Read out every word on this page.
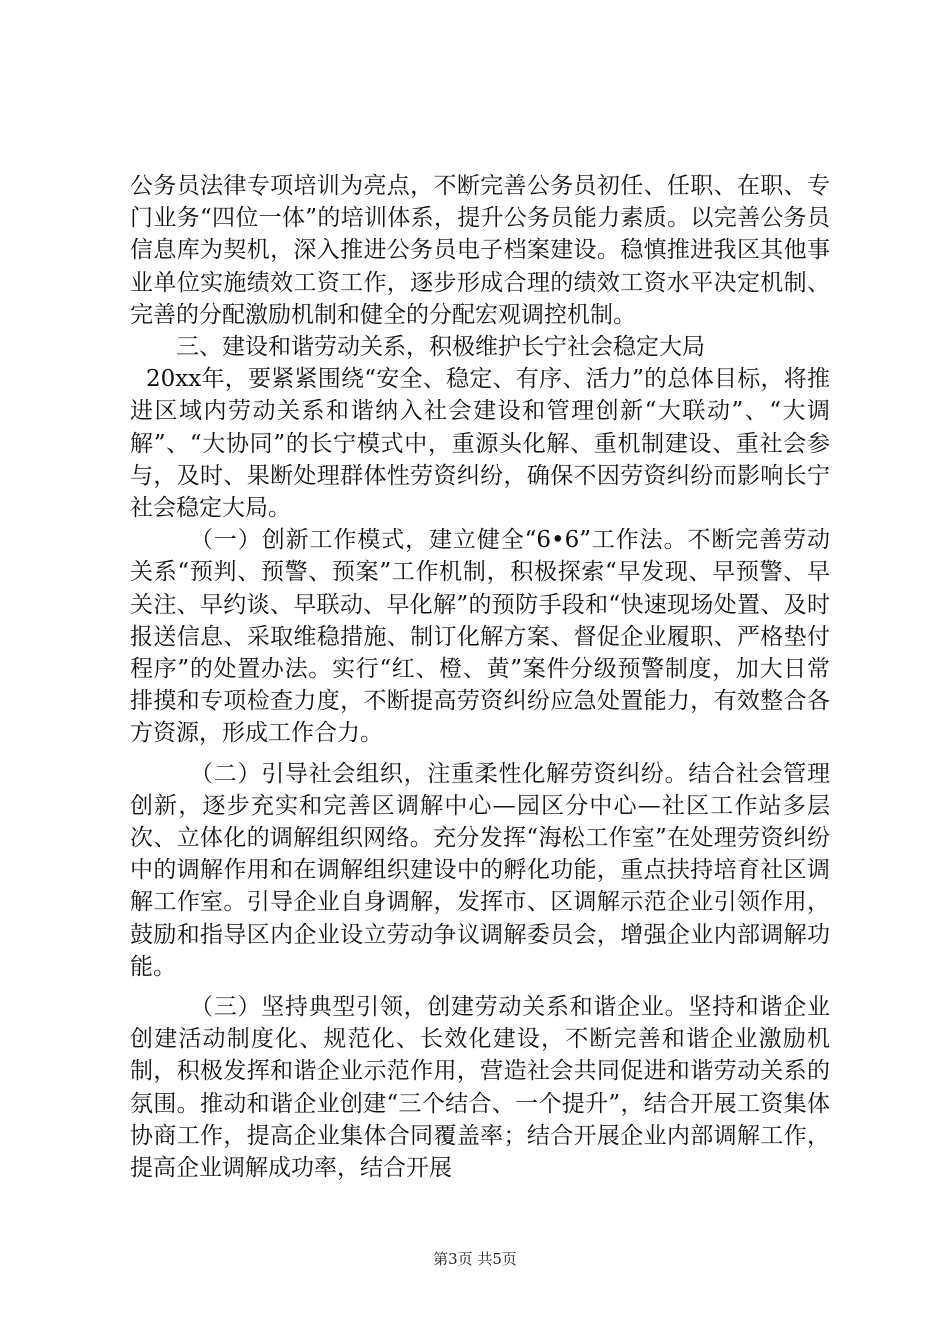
公务员法律专项培训为亮点，不断完善公务员初任、任职、在职、专门业务“四位一体”的培训体系，提升公务员能力素质。以完善公务员信息库为契机，深入推进公务员电子档案建设。稳慎推进我区其他事业单位实施绩效工资工作，逐步形成合理的绩效工资水平决定机制、完善的分配激励机制和健全的分配宏观调控机制。

三、建设和谐劳动关系，积极维护长宁社会稳定大局

20xx年，要紧紧围绕“安全、稳定、有序、活力”的总体目标，将推进区域内劳动关系和谐纳入社会建设和管理创新“大联动”、“大调解”、“大协同”的长宁模式中，重源头化解、重机制建设、重社会参与，及时、果断处理群体性劳资纠纷，确保不因劳资纠纷而影响长宁社会稳定大局。

（一）创新工作模式，建立健全“6•6”工作法。不断完善劳动关系“预判、预警、预案”工作机制，积极探索“早发现、早预警、早关注、早约谈、早联动、早化解”的预防手段和“快速现场处置、及时报送信息、采取维稳措施、制订化解方案、督促企业履职、严格垫付程序”的处置办法。实行“红、橙、黄”案件分级预警制度，加大日常排摸和专项检查力度，不断提高劳资纠纷应急处置能力，有效整合各方资源，形成工作合力。

（二）引导社会组织，注重柔性化解劳资纠纷。结合社会管理创新，逐步充实和完善区调解中心—园区分中心—社区工作站多层次、立体化的调解组织网络。充分发挥“海松工作室”在处理劳资纠纷中的调解作用和在调解组织建设中的孵化功能，重点扶持培育社区调解工作室。引导企业自身调解，发挥市、区调解示范企业引领作用，鼓励和指导区内企业设立劳动争议调解委员会，增强企业内部调解功能。

（三）坚持典型引领，创建劳动关系和谐企业。坚持和谐企业创建活动制度化、规范化、长效化建设，不断完善和谐企业激励机制，积极发挥和谐企业示范作用，营造社会共同促进和谐劳动关系的氛围。推动和谐企业创建“三个结合、一个提升”，结合开展工资集体协商工作，提高企业集体合同覆盖率；结合开展企业内部调解工作，提高企业调解成功率，结合开展

第3页 共5页
